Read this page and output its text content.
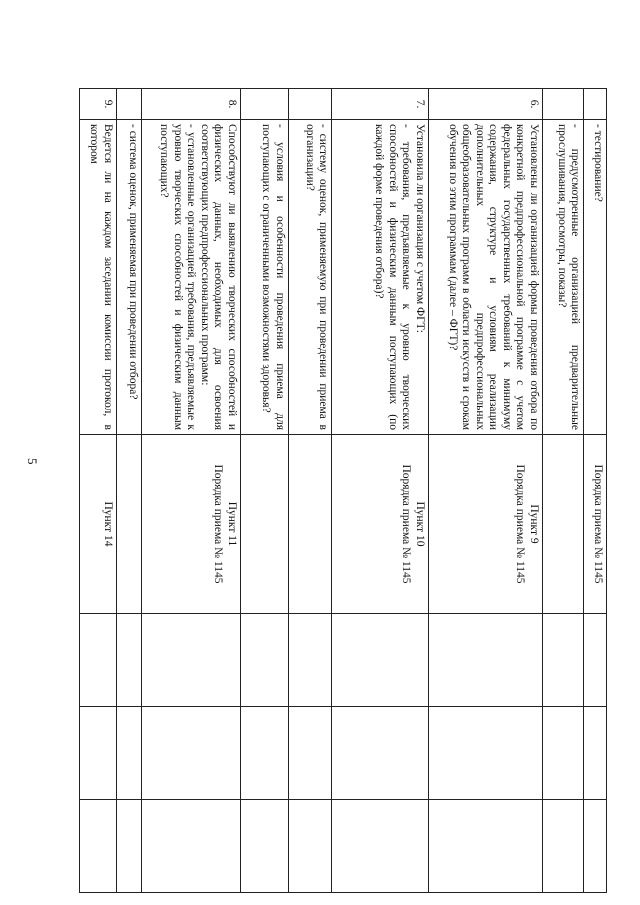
5

	- тестирование?	Порядка приема № 1145			

	- предусмотренные организацией предварительные прослушивания, просмотры, показы?				

6.	Установлены ли организацией формы проведения отбора по конкретной предпрофессиональной программе с учетом федеральных государственных требований к минимуму содержания, структуре и условиям реализации дополнительных предпрофессиональных общеобразовательных программ в области искусств и срокам обучения по этим программам (далее – ФГТ)?	Пункт 9
Порядка приема № 1145			

7.	Установила ли организация с учетом ФГТ:
- требования, предъявляемые к уровню творческих способностей и физическим данным поступающих (по каждой форме проведения отбора)?	Пункт 10
Порядка приема № 1145			

	- систему оценок, применяемую при проведении приема в организации?				

	- условия и особенности проведения приема для поступающих с ограниченными возможностями здоровья?				

8.	Способствуют ли выявлению творческих способностей и физических данных, необходимых для освоения соответствующих предпрофессиональных программ:
- установленные организацией требования, предъявляемые к уровню творческих способностей и физическим данным поступающих?	Пункт 11
Порядка приема № 1145			

	- система оценок, применяемая при проведении отбора?				

9.	Ведется ли на каждом заседании комиссии протокол, в котором	Пункт 14			
